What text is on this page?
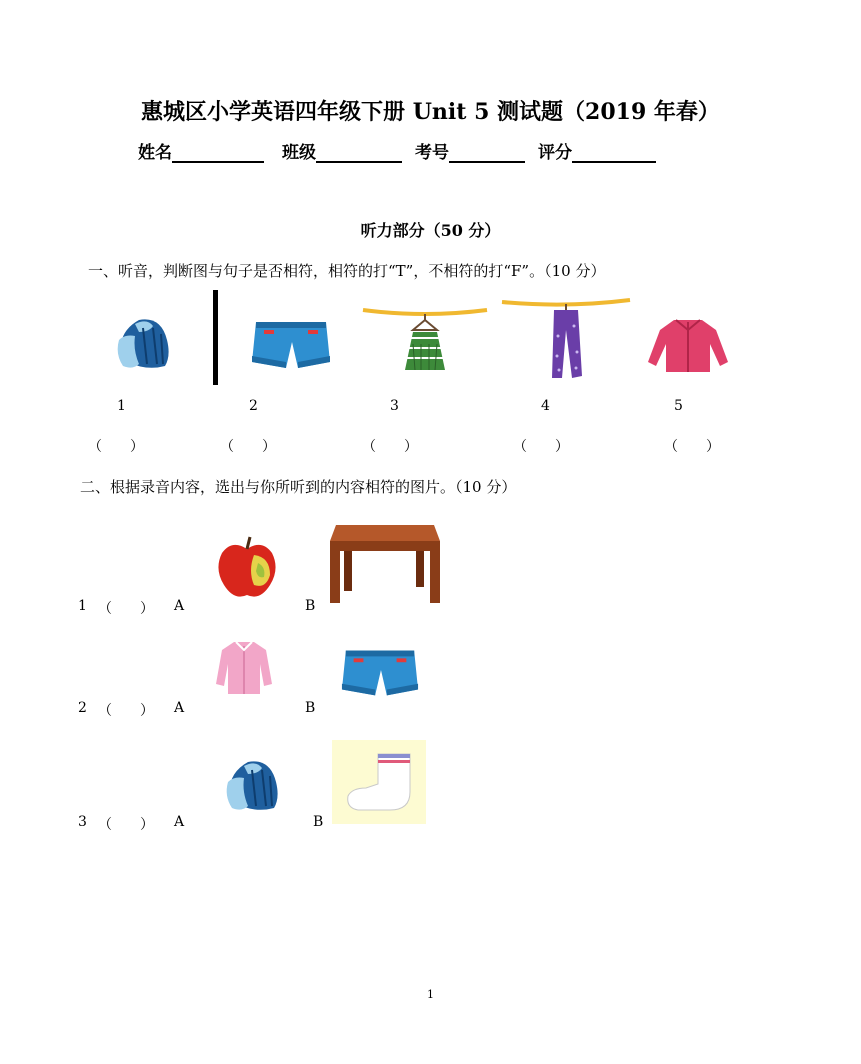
惠城区小学英语四年级下册 Unit 5 测试题（2019 年春）
姓名	班级	考号	评分
听力部分（50 分）
一、听音，判断图与句子是否相符，相符的打“T”，不相符的打“F”。（10 分）
1	2	3	4	5
（　　）	（　　）	（　　）	（　　）	（　　）
二、根据录音内容，选出与你所听到的内容相符的图片。（10 分）
1 （　　） A	B
2 （　　） A	B
3 （　　） A	B
1
